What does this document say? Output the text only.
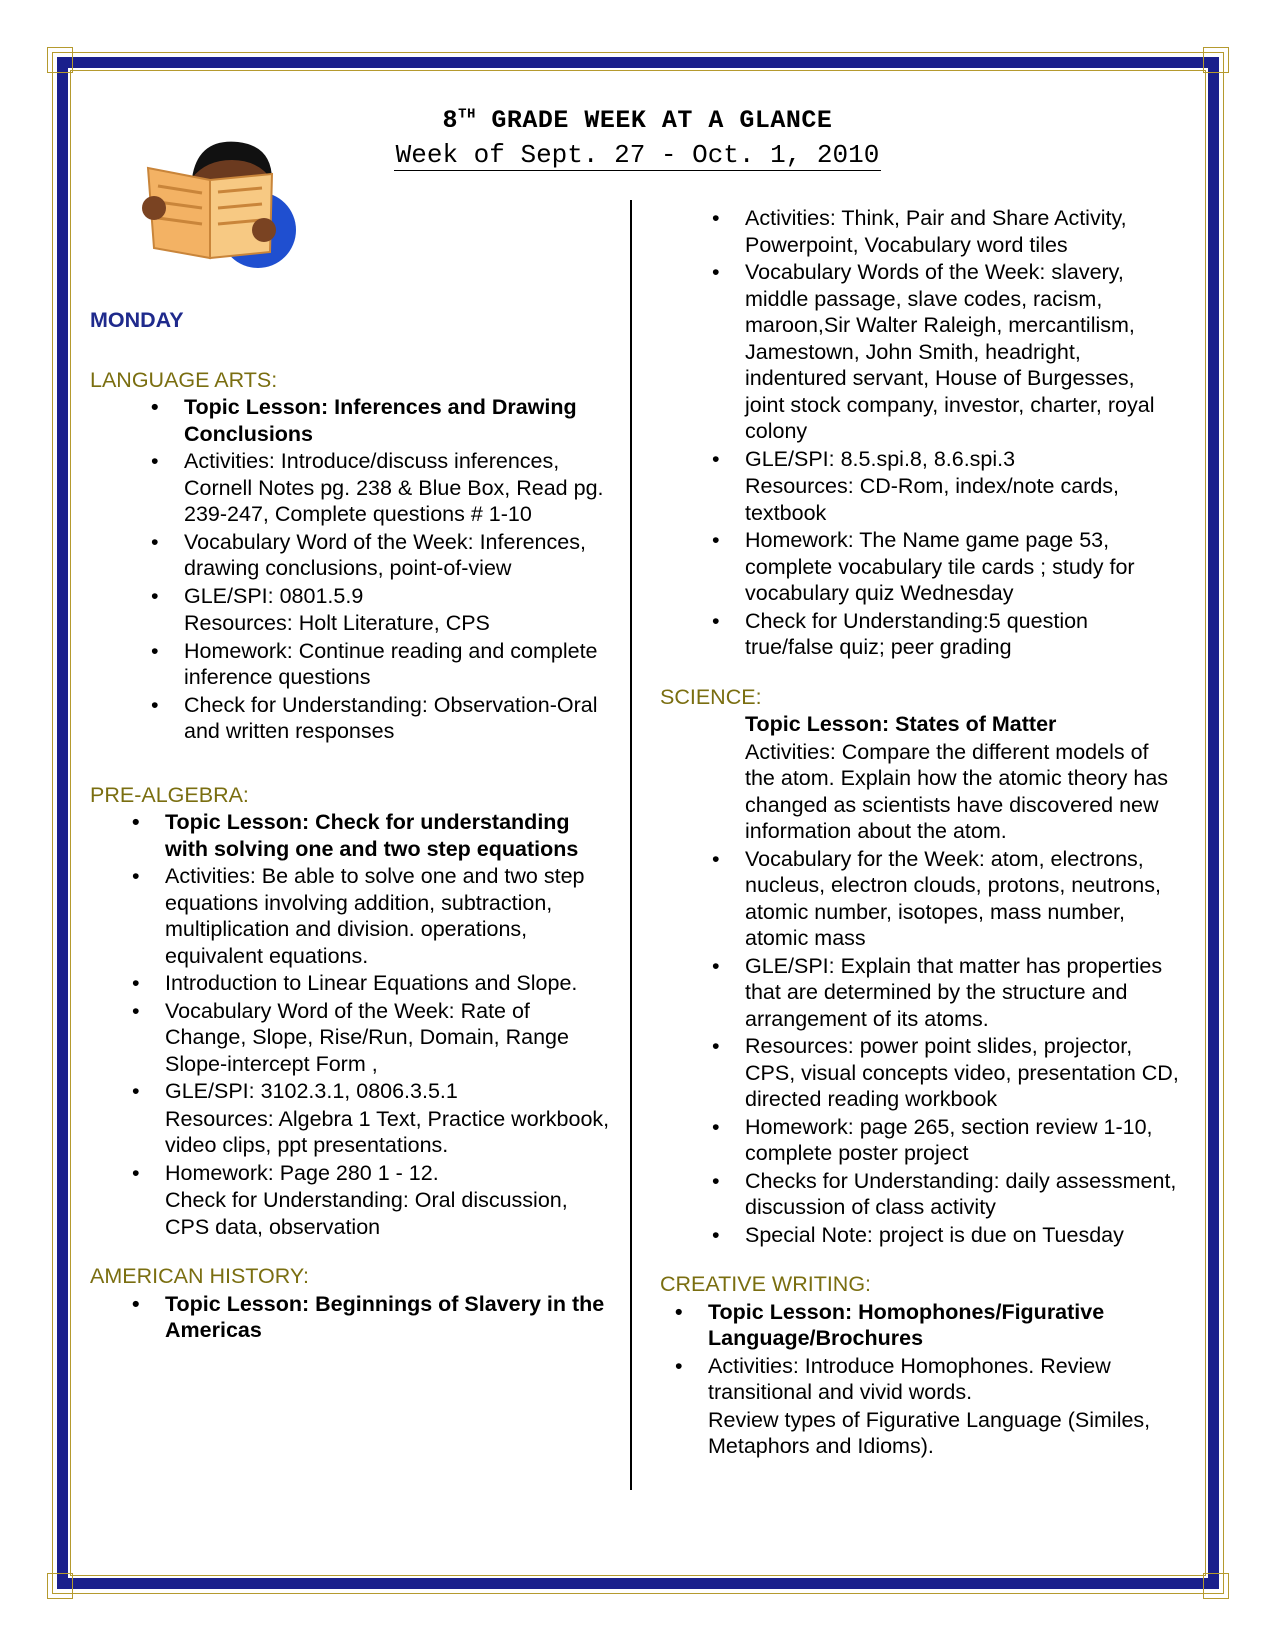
8TH GRADE WEEK AT A GLANCE
Week of Sept. 27 - Oct. 1, 2010
MONDAY
LANGUAGE ARTS:
• Topic Lesson: Inferences and Drawing Conclusions
• Activities: Introduce/discuss inferences, Cornell Notes pg. 238 & Blue Box, Read pg. 239-247, Complete questions # 1-10
• Vocabulary Word of the Week: Inferences, drawing conclusions, point-of-view
• GLE/SPI: 0801.5.9
Resources: Holt Literature, CPS
• Homework: Continue reading and complete inference questions
• Check for Understanding: Observation-Oral and written responses
PRE-ALGEBRA:
• Topic Lesson: Check for understanding with solving one and two step equations
• Activities: Be able to solve one and two step equations involving addition, subtraction, multiplication and division. operations, equivalent equations.
• Introduction to Linear Equations and Slope.
• Vocabulary Word of the Week: Rate of Change, Slope, Rise/Run, Domain, Range Slope-intercept Form ,
• GLE/SPI: 3102.3.1, 0806.3.5.1
Resources: Algebra 1 Text, Practice workbook, video clips, ppt presentations.
• Homework: Page 280 1 - 12.
Check for Understanding: Oral discussion, CPS data, observation
AMERICAN HISTORY:
• Topic Lesson: Beginnings of Slavery in the Americas
• Activities: Think, Pair and Share Activity, Powerpoint, Vocabulary word tiles
• Vocabulary Words of the Week: slavery, middle passage, slave codes, racism, maroon,Sir Walter Raleigh, mercantilism, Jamestown, John Smith, headright, indentured servant, House of Burgesses, joint stock company, investor, charter, royal colony
• GLE/SPI: 8.5.spi.8, 8.6.spi.3
Resources: CD-Rom, index/note cards, textbook
• Homework: The Name game page 53, complete vocabulary tile cards ; study for vocabulary quiz Wednesday
• Check for Understanding:5 question true/false quiz; peer grading
SCIENCE:
Topic Lesson: States of Matter
Activities: Compare the different models of the atom. Explain how the atomic theory has changed as scientists have discovered new information about the atom.
• Vocabulary for the Week: atom, electrons, nucleus, electron clouds, protons, neutrons, atomic number, isotopes, mass number, atomic mass
• GLE/SPI: Explain that matter has properties that are determined by the structure and arrangement of its atoms.
• Resources: power point slides, projector, CPS, visual concepts video, presentation CD, directed reading workbook
• Homework: page 265, section review 1-10, complete poster project
• Checks for Understanding: daily assessment, discussion of class activity
• Special Note: project is due on Tuesday
CREATIVE WRITING:
• Topic Lesson: Homophones/Figurative Language/Brochures
• Activities: Introduce Homophones. Review transitional and vivid words.
Review types of Figurative Language (Similes, Metaphors and Idioms).
